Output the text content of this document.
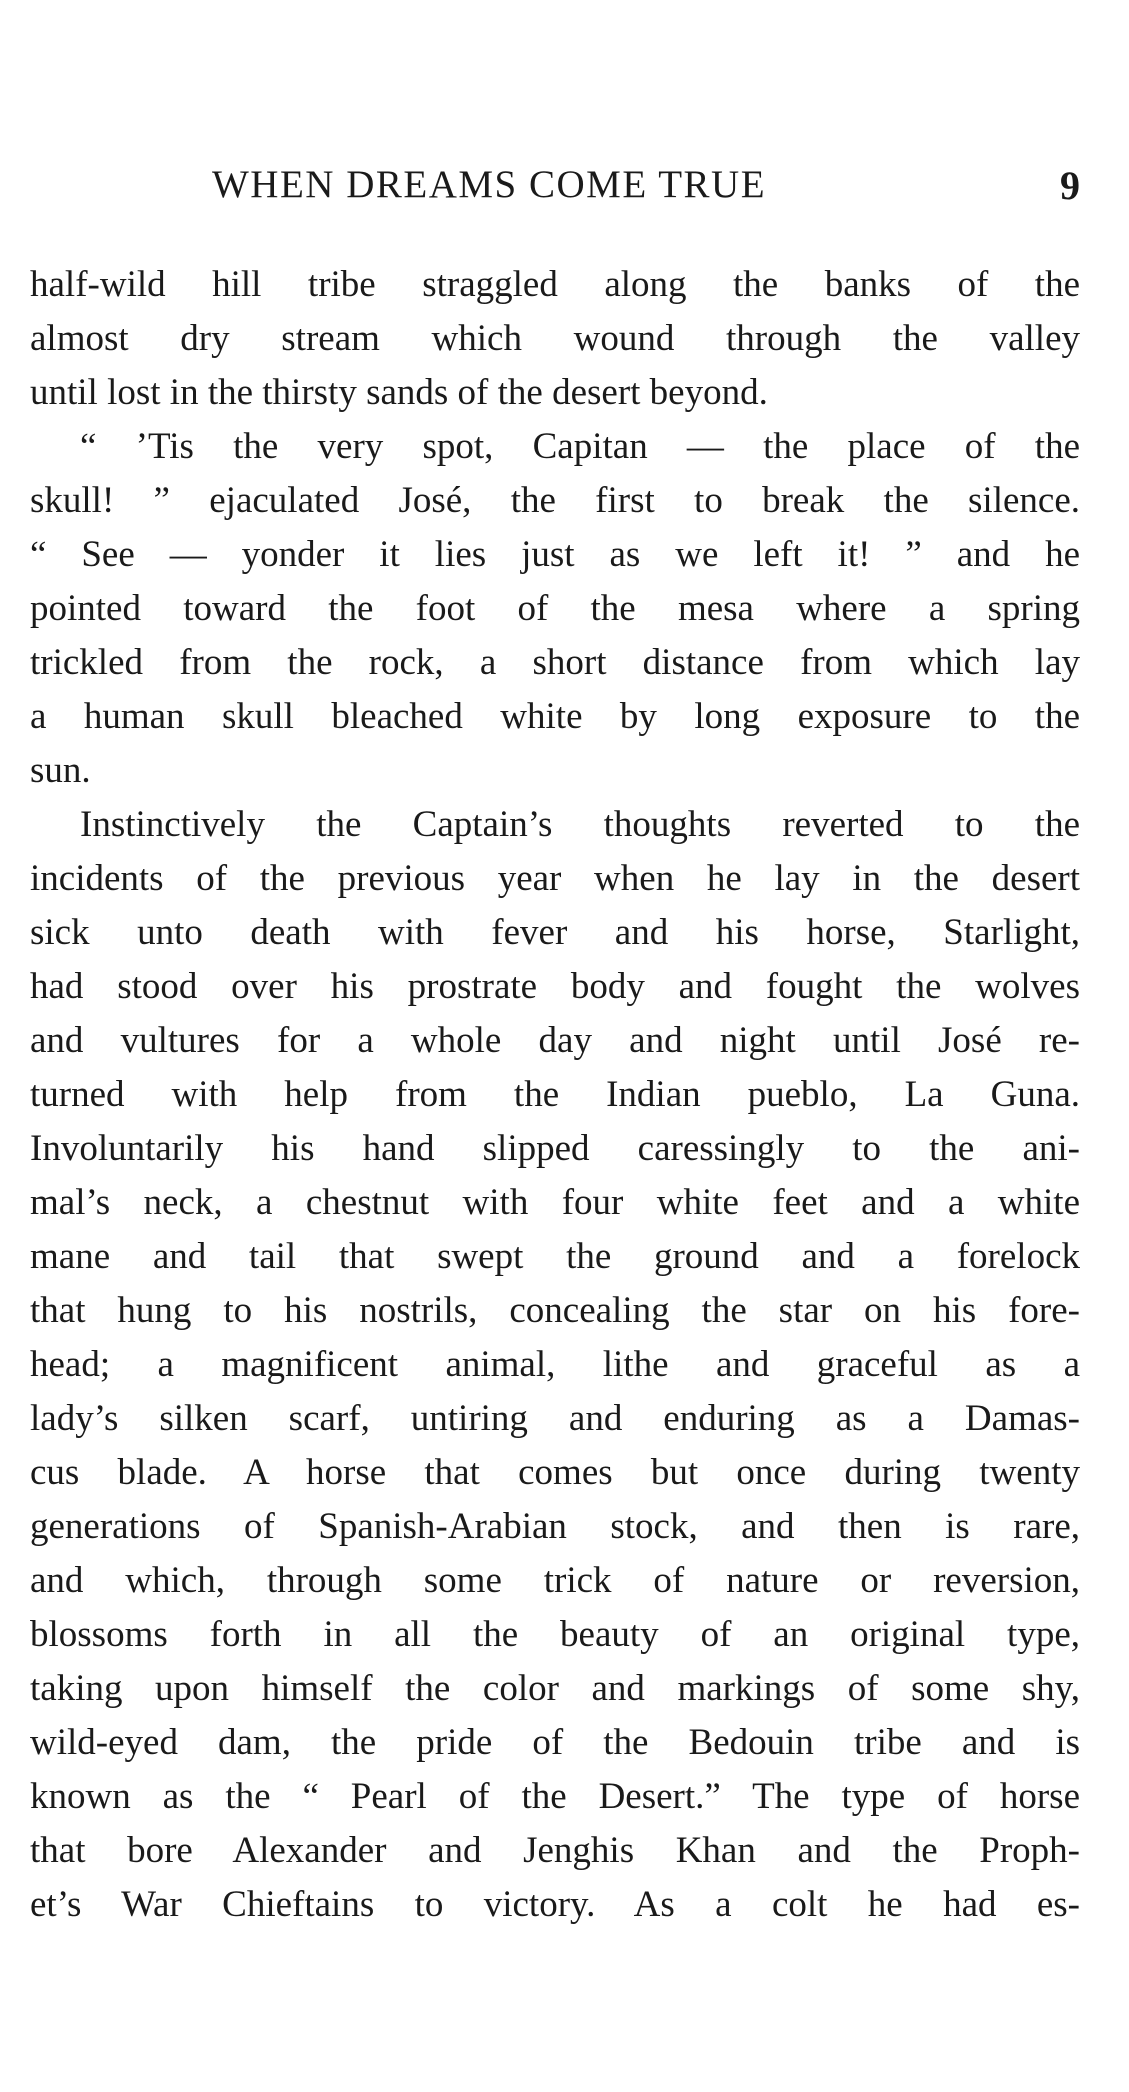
WHEN DREAMS COME TRUE	9
half-wild hill tribe straggled along the banks of the
almost dry stream which wound through the valley
until lost in the thirsty sands of the desert beyond.
“ ’Tis the very spot, Capitan — the place of the
skull! ” ejaculated José, the first to break the silence.
“ See — yonder it lies just as we left it! ” and he
pointed toward the foot of the mesa where a spring
trickled from the rock, a short distance from which lay
a human skull bleached white by long exposure to the
sun.
Instinctively the Captain’s thoughts reverted to the
incidents of the previous year when he lay in the desert
sick unto death with fever and his horse, Starlight,
had stood over his prostrate body and fought the wolves
and vultures for a whole day and night until José re-
turned with help from the Indian pueblo, La Guna.
Involuntarily his hand slipped caressingly to the ani-
mal’s neck, a chestnut with four white feet and a white
mane and tail that swept the ground and a forelock
that hung to his nostrils, concealing the star on his fore-
head; a magnificent animal, lithe and graceful as a
lady’s silken scarf, untiring and enduring as a Damas-
cus blade. A horse that comes but once during twenty
generations of Spanish-Arabian stock, and then is rare,
and which, through some trick of nature or reversion,
blossoms forth in all the beauty of an original type,
taking upon himself the color and markings of some shy,
wild-eyed dam, the pride of the Bedouin tribe and is
known as the “ Pearl of the Desert.” The type of horse
that bore Alexander and Jenghis Khan and the Proph-
et’s War Chieftains to victory. As a colt he had es-
